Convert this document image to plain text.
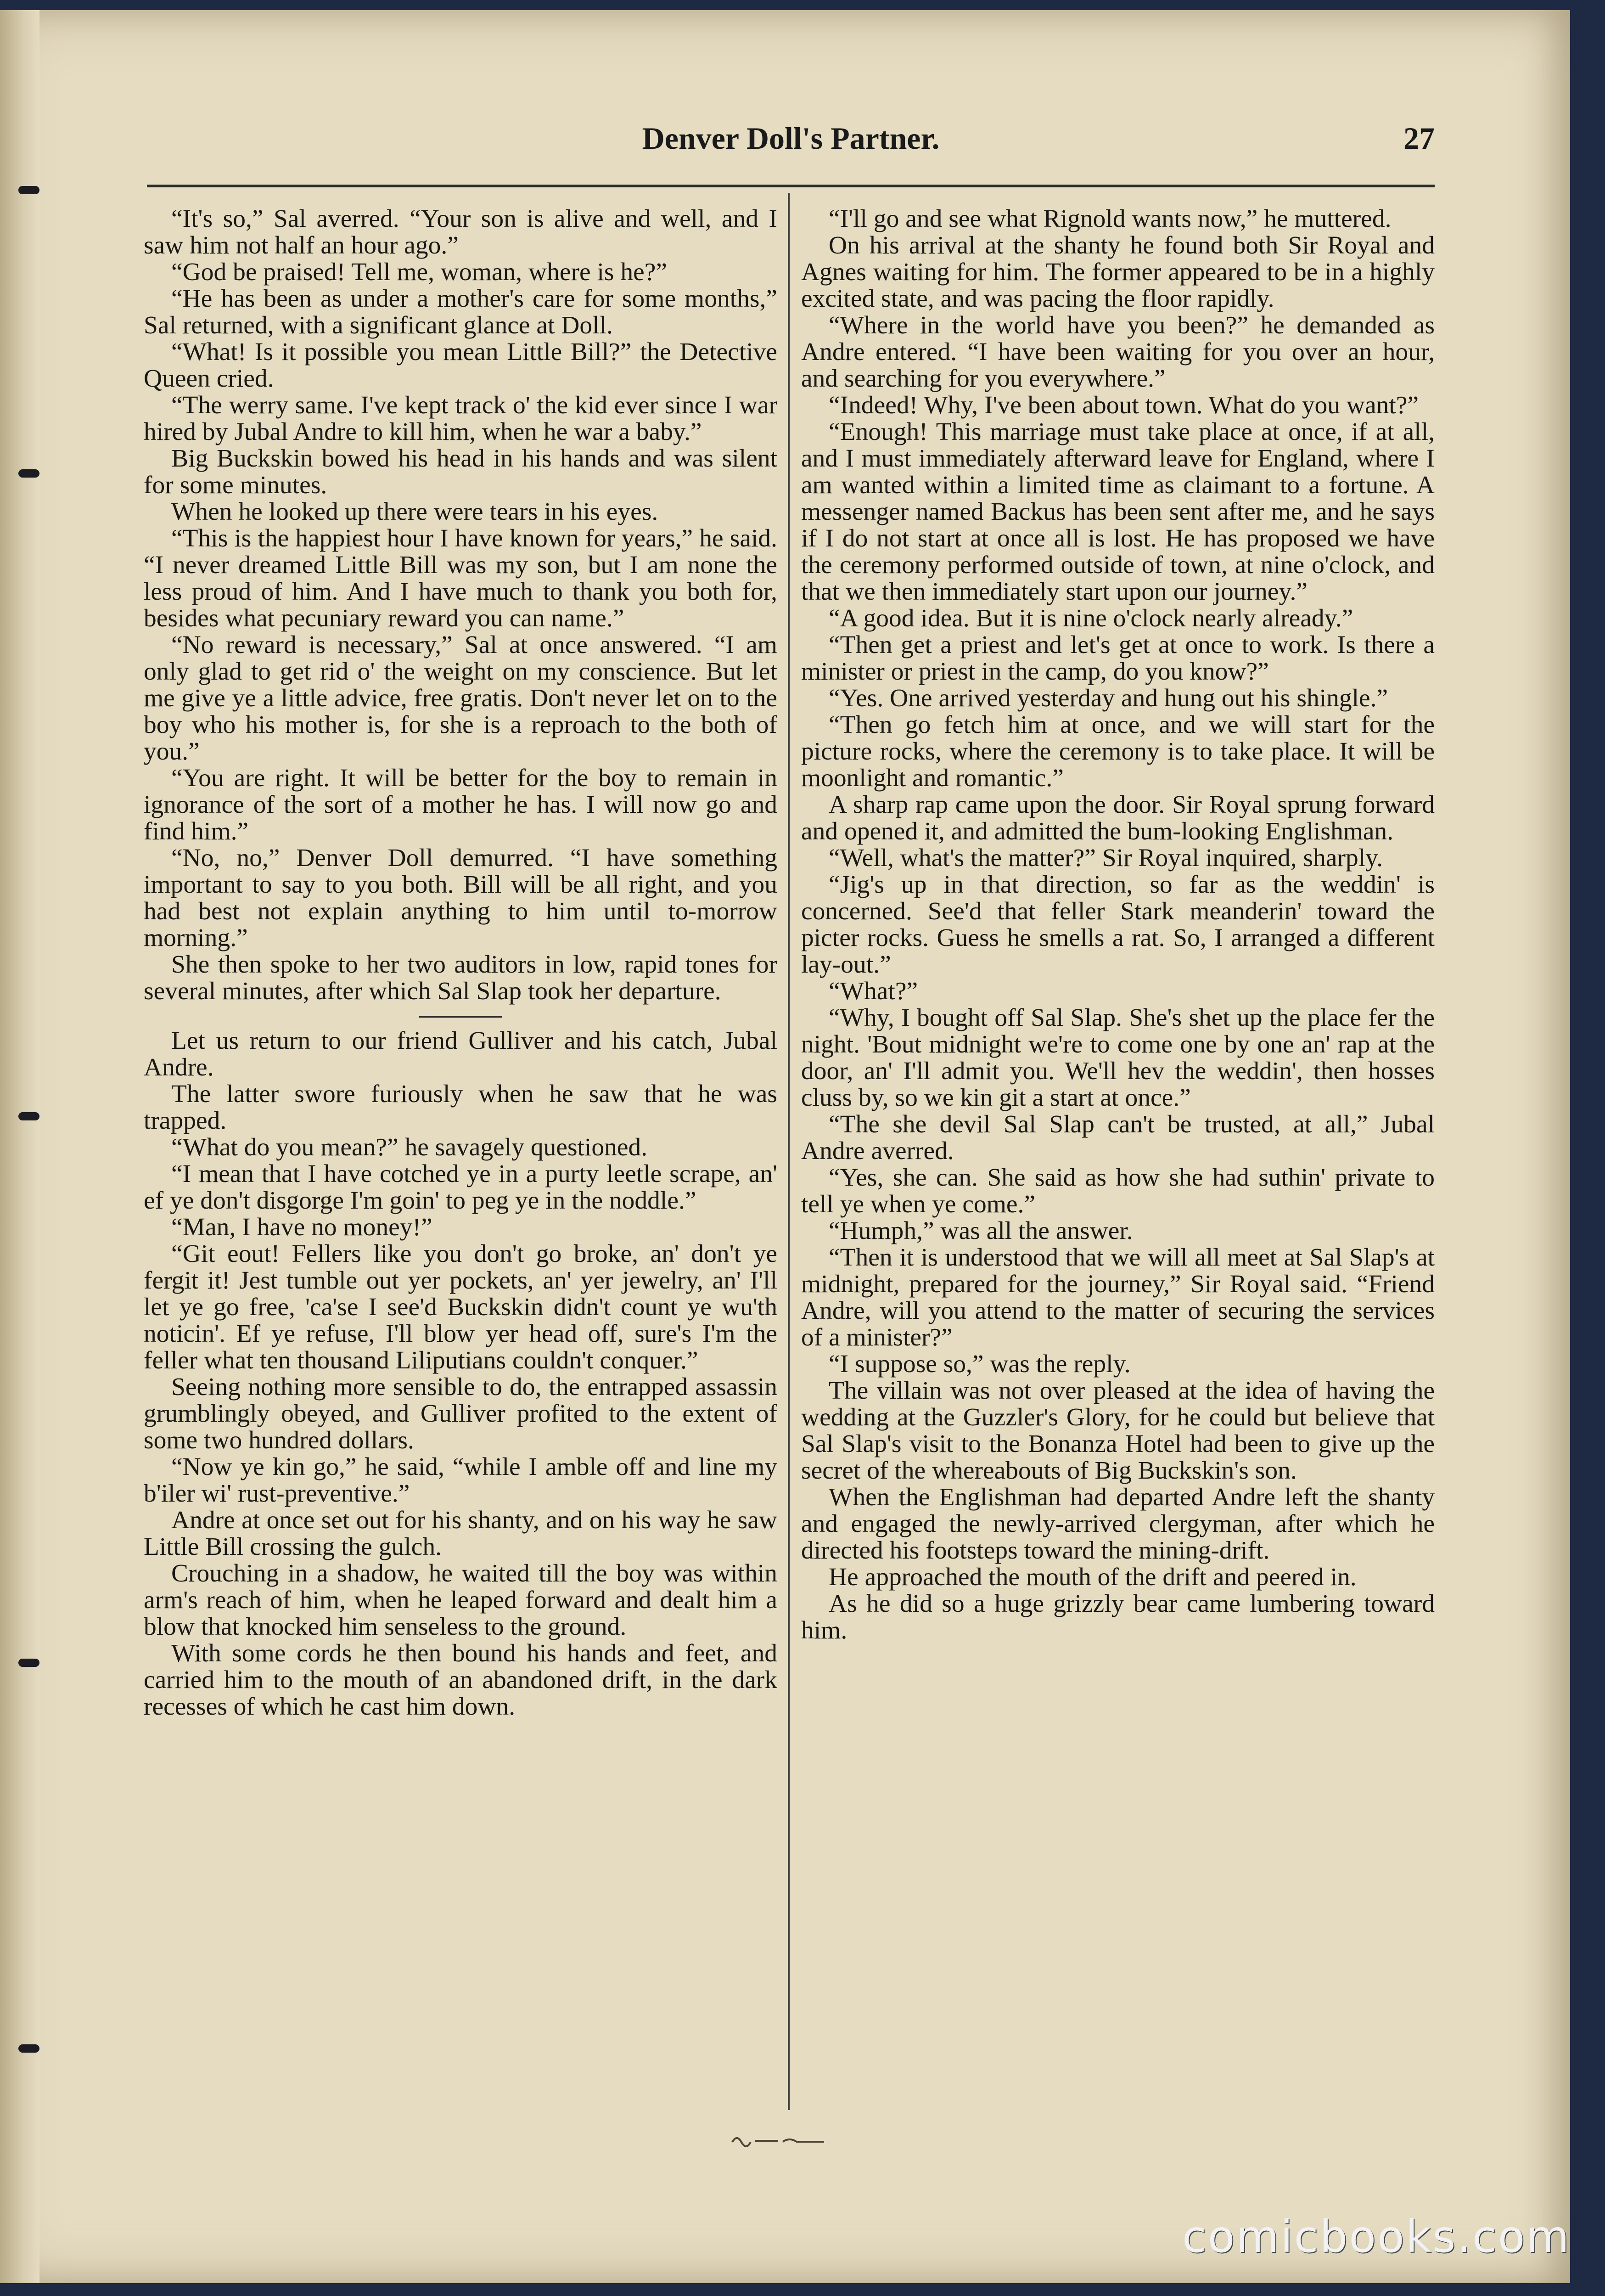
Denver Doll's Partner.	27

“It's so,” Sal averred. “Your son is alive and well, and I saw him not half an hour ago.”

“God be praised! Tell me, woman, where is he?”

“He has been as under a mother's care for some months,” Sal returned, with a significant glance at Doll.

“What! Is it possible you mean Little Bill?” the Detective Queen cried.

“The werry same. I've kept track o' the kid ever since I war hired by Jubal Andre to kill him, when he war a baby.”

Big Buckskin bowed his head in his hands and was silent for some minutes.

When he looked up there were tears in his eyes.

“This is the happiest hour I have known for years,” he said. “I never dreamed Little Bill was my son, but I am none the less proud of him. And I have much to thank you both for, besides what pecuniary reward you can name.”

“No reward is necessary,” Sal at once answered. “I am only glad to get rid o' the weight on my conscience. But let me give ye a little advice, free gratis. Don't never let on to the boy who his mother is, for she is a reproach to the both of you.”

“You are right. It will be better for the boy to remain in ignorance of the sort of a mother he has. I will now go and find him.”

“No, no,” Denver Doll demurred. “I have something important to say to you both. Bill will be all right, and you had best not explain anything to him until to-morrow morning.”

She then spoke to her two auditors in low, rapid tones for several minutes, after which Sal Slap took her departure.

Let us return to our friend Gulliver and his catch, Jubal Andre.

The latter swore furiously when he saw that he was trapped.

“What do you mean?” he savagely questioned.

“I mean that I have cotched ye in a purty leetle scrape, an' ef ye don't disgorge I'm goin' to peg ye in the noddle.”

“Man, I have no money!”

“Git eout! Fellers like you don't go broke, an' don't ye fergit it! Jest tumble out yer pockets, an' yer jewelry, an' I'll let ye go free, 'ca'se I see'd Buckskin didn't count ye wu'th noticin'. Ef ye refuse, I'll blow yer head off, sure's I'm the feller what ten thousand Liliputians couldn't conquer.”

Seeing nothing more sensible to do, the entrapped assassin grumblingly obeyed, and Gulliver profited to the extent of some two hundred dollars.

“Now ye kin go,” he said, “while I amble off and line my b'iler wi' rust-preventive.”

Andre at once set out for his shanty, and on his way he saw Little Bill crossing the gulch.

Crouching in a shadow, he waited till the boy was within arm's reach of him, when he leaped forward and dealt him a blow that knocked him senseless to the ground.

With some cords he then bound his hands and feet, and carried him to the mouth of an abandoned drift, in the dark recesses of which he cast him down.

“I'll go and see what Rignold wants now,” he muttered.

On his arrival at the shanty he found both Sir Royal and Agnes waiting for him. The former appeared to be in a highly excited state, and was pacing the floor rapidly.

“Where in the world have you been?” he demanded as Andre entered. “I have been waiting for you over an hour, and searching for you everywhere.”

“Indeed! Why, I've been about town. What do you want?”

“Enough! This marriage must take place at once, if at all, and I must immediately afterward leave for England, where I am wanted within a limited time as claimant to a fortune. A messenger named Backus has been sent after me, and he says if I do not start at once all is lost. He has proposed we have the ceremony performed outside of town, at nine o'clock, and that we then immediately start upon our journey.”

“A good idea. But it is nine o'clock nearly already.”

“Then get a priest and let's get at once to work. Is there a minister or priest in the camp, do you know?”

“Yes. One arrived yesterday and hung out his shingle.”

“Then go fetch him at once, and we will start for the picture rocks, where the ceremony is to take place. It will be moonlight and romantic.”

A sharp rap came upon the door. Sir Royal sprung forward and opened it, and admitted the bum-looking Englishman.

“Well, what's the matter?” Sir Royal inquired, sharply.

“Jig's up in that direction, so far as the weddin' is concerned. See'd that feller Stark meanderin' toward the picter rocks. Guess he smells a rat. So, I arranged a different lay-out.”

“What?”

“Why, I bought off Sal Slap. She's shet up the place fer the night. 'Bout midnight we're to come one by one an' rap at the door, an' I'll admit you. We'll hev the weddin', then hosses cluss by, so we kin git a start at once.”

“The she devil Sal Slap can't be trusted, at all,” Jubal Andre averred.

“Yes, she can. She said as how she had suthin' private to tell ye when ye come.”

“Humph,” was all the answer.

“Then it is understood that we will all meet at Sal Slap's at midnight, prepared for the journey,” Sir Royal said. “Friend Andre, will you attend to the matter of securing the services of a minister?”

“I suppose so,” was the reply.

The villain was not over pleased at the idea of having the wedding at the Guzzler's Glory, for he could but believe that Sal Slap's visit to the Bonanza Hotel had been to give up the secret of the whereabouts of Big Buckskin's son.

When the Englishman had departed Andre left the shanty and engaged the newly-arrived clergyman, after which he directed his footsteps toward the mining-drift.

He approached the mouth of the drift and peered in.

As he did so a huge grizzly bear came lumbering toward him.

comicbooks.com
